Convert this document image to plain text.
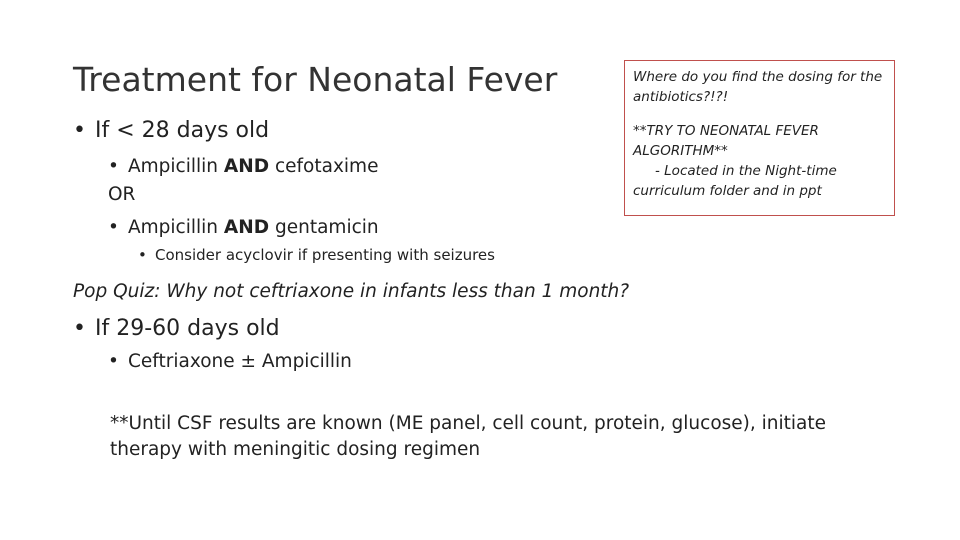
Treatment for Neonatal Fever
• If < 28 days old
• Ampicillin AND cefotaxime
OR
• Ampicillin AND gentamicin
• Consider acyclovir if presenting with seizures
Pop Quiz: Why not ceftriaxone in infants less than 1 month?
• If 29-60 days old
• Ceftriaxone ± Ampicillin
**Until CSF results are known (ME panel, cell count, protein, glucose), initiate therapy with meningitic dosing regimen

Where do you find the dosing for the antibiotics?!?!

**TRY TO NEONATAL FEVER ALGORITHM**

- Located in the Night-time

curriculum folder and in ppt
